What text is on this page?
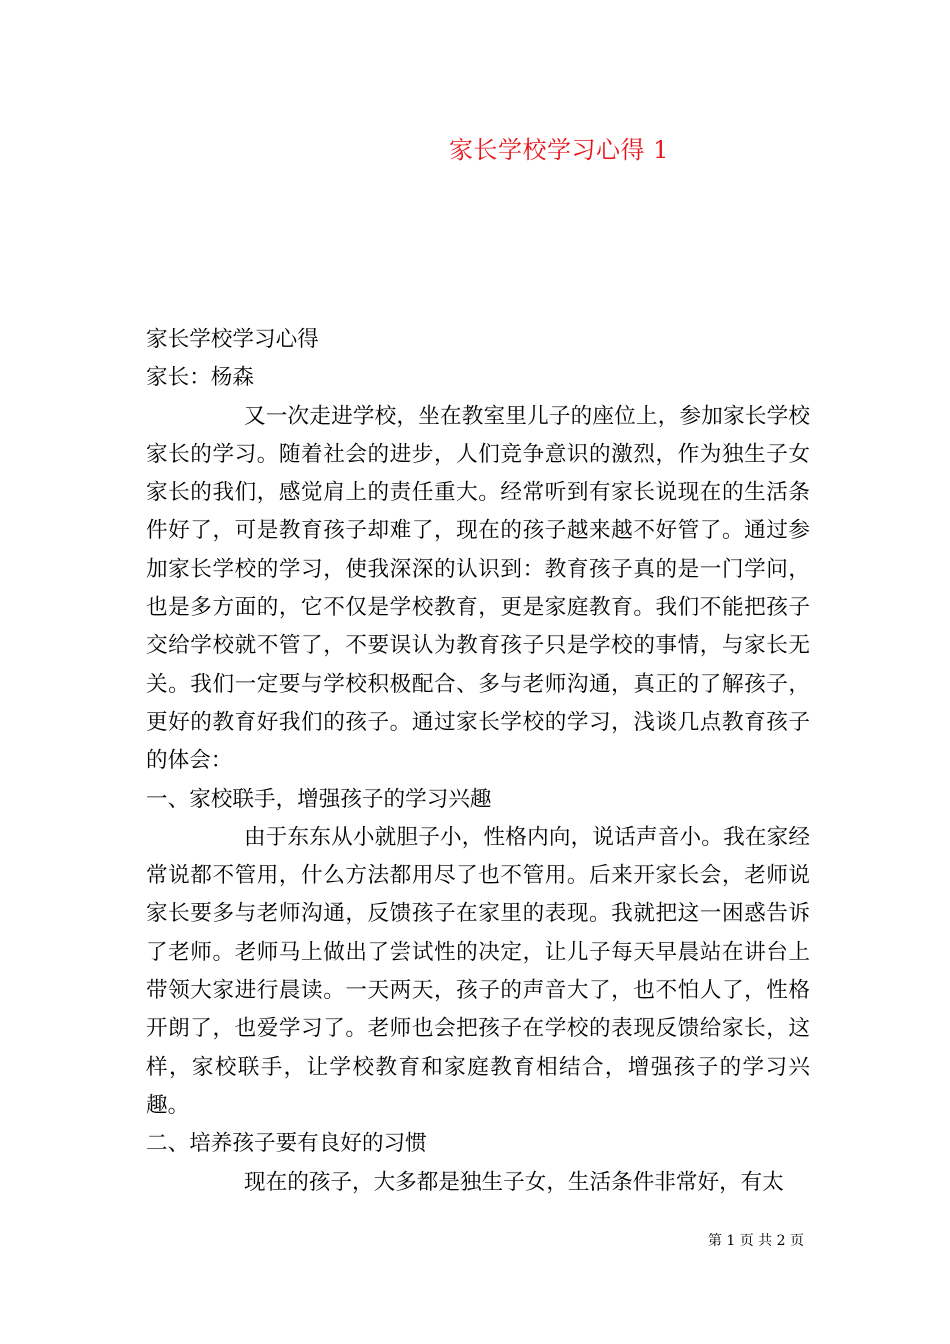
家长学校学习心得 1

家长学校学习心得

家长：杨森

又一次走进学校，坐在教室里儿子的座位上，参加家长学校家长的学习。随着社会的进步，人们竞争意识的激烈，作为独生子女家长的我们，感觉肩上的责任重大。经常听到有家长说现在的生活条件好了，可是教育孩子却难了，现在的孩子越来越不好管了。通过参加家长学校的学习，使我深深的认识到：教育孩子真的是一门学问，也是多方面的，它不仅是学校教育，更是家庭教育。我们不能把孩子交给学校就不管了，不要误认为教育孩子只是学校的事情，与家长无关。我们一定要与学校积极配合、多与老师沟通，真正的了解孩子，更好的教育好我们的孩子。通过家长学校的学习，浅谈几点教育孩子的体会：

一、家校联手，增强孩子的学习兴趣

由于东东从小就胆子小，性格内向，说话声音小。我在家经常说都不管用，什么方法都用尽了也不管用。后来开家长会，老师说家长要多与老师沟通，反馈孩子在家里的表现。我就把这一困惑告诉了老师。老师马上做出了尝试性的决定，让儿子每天早晨站在讲台上带领大家进行晨读。一天两天，孩子的声音大了，也不怕人了，性格开朗了，也爱学习了。老师也会把孩子在学校的表现反馈给家长，这样，家校联手，让学校教育和家庭教育相结合，增强孩子的学习兴趣。

二、培养孩子要有良好的习惯

现在的孩子，大多都是独生子女，生活条件非常好，有太

第 1 页 共 2 页
